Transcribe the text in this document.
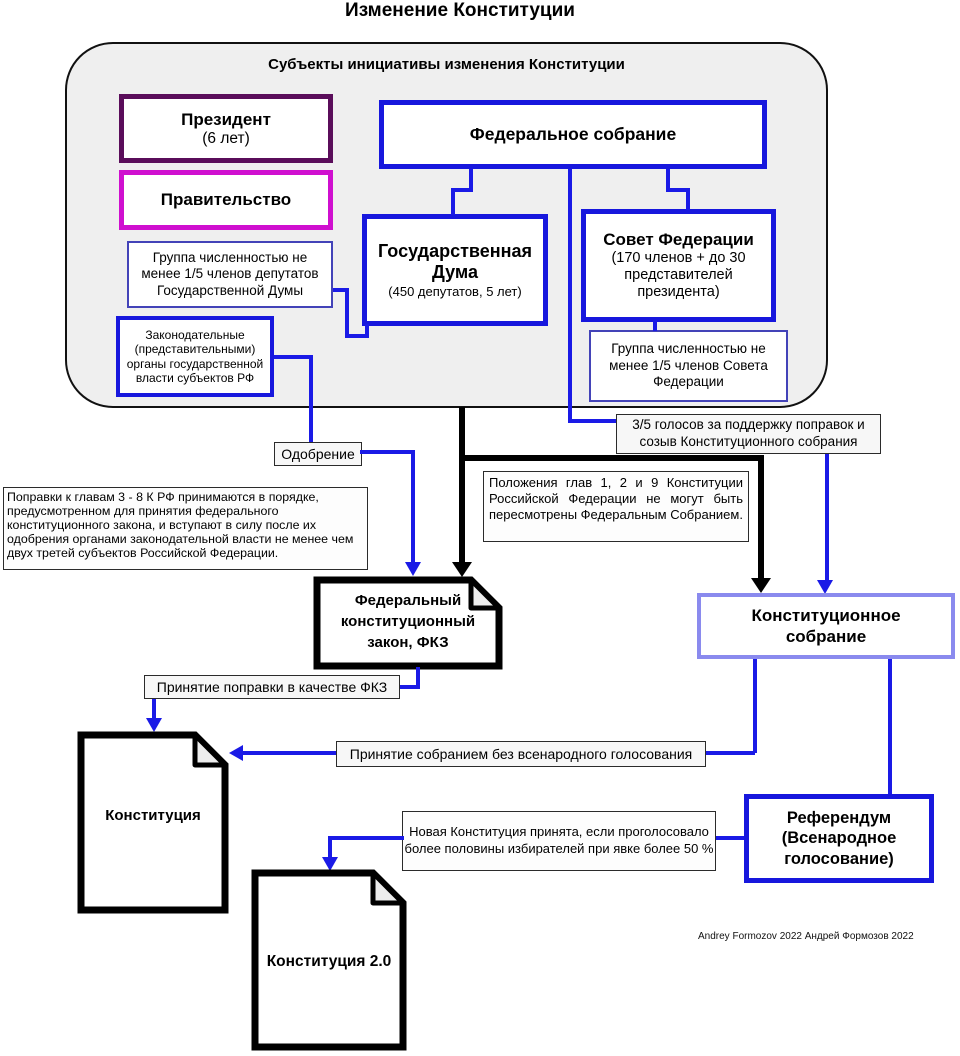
Изменение Конституции
Субъекты инициативы изменения Конституции
Президент
(6 лет)
Правительство
Федеральное собрание
Государственная Дума
(450 депутатов, 5 лет)
Совет Федерации
(170 членов + до 30 представителей президента)
Группа численностью не менее 1/5 членов депутатов Государственной Думы
Законодательные (представительными) органы государственной власти субъектов РФ
Группа численностью не менее 1/5 членов Совета Федерации
3/5 голосов за поддержку поправок и созыв Конституционного собрания
Одобрение
Поправки к главам 3 - 8 К РФ принимаются в порядке, предусмотренном для принятия федерального конституционного закона, и вступают в силу после их одобрения органами законодательной власти не менее чем двух третей субъектов Российской Федерации.
Положения глав 1, 2 и 9 Конституции Российской Федерации не могут быть пересмотрены Федеральным Собранием.
Федеральный конституционный закон, ФКЗ
Конституционное собрание
Принятие поправки в качестве ФКЗ
Конституция
Принятие собранием без всенародного голосования
Референдум (Всенародное голосование)
Новая Конституция принята, если проголосовало более половины избирателей при явке более 50 %
Конституция 2.0
Andrey Formozov 2022 Андрей Формозов 2022
